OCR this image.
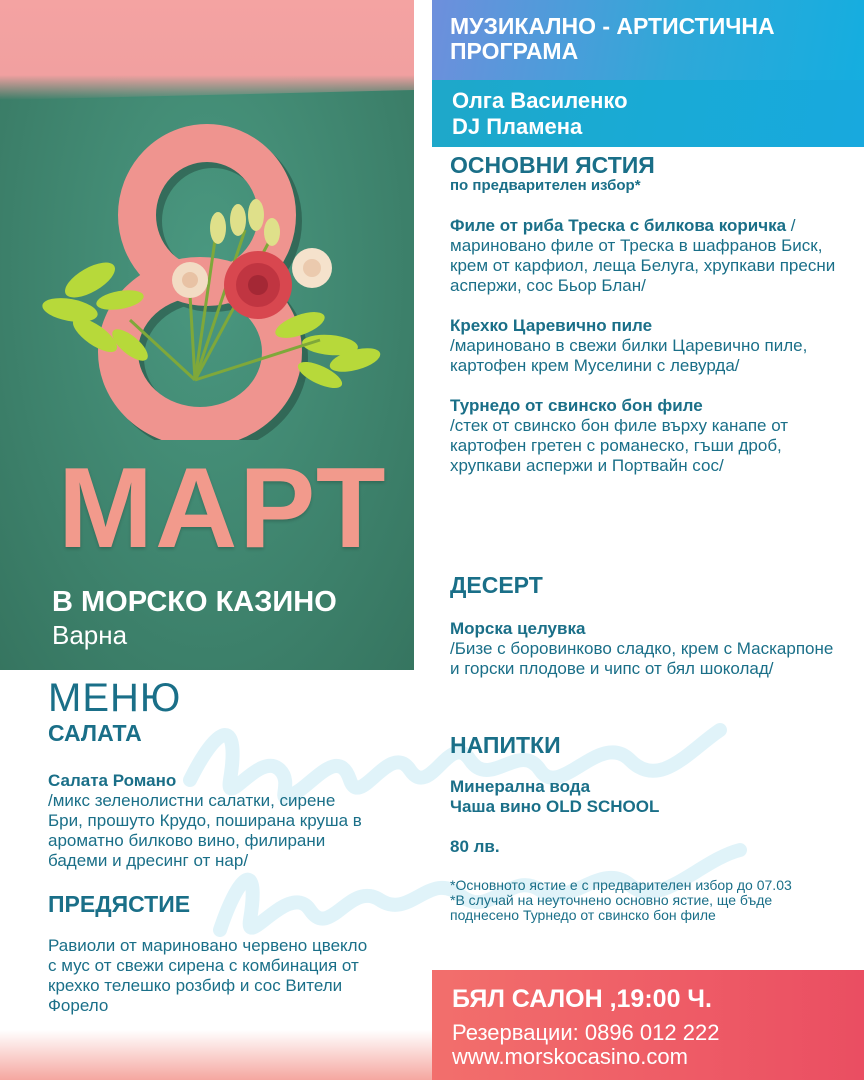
МАРТ
В МОРСКО КАЗИНО
Варна
МЕНЮ
САЛАТА
Салата Романо
/микс зеленолистни салатки, сирене Бри, прошуто Крудо, поширана круша в ароматно билково вино, филирани бадеми и дресинг от нар/
ПРЕДЯСТИЕ
Равиоли от мариновано червено цвекло с мус от свежи сирена с комбинация от крехко телешко розбиф и сос Вители Форело
МУЗИКАЛНО - АРТИСТИЧНА ПРОГРАМА
Олга Василенко
DJ Пламена
ОСНОВНИ ЯСТИЯ
по предварителен избор*
Филе от риба Треска с билкова коричка /мариновано филе от Треска в шафранов Биск, крем от карфиол, леща Белуга, хрупкави пресни аспержи, сос Бьор Блан/
Крехко Царевично пиле
/мариновано в свежи билки Царевично пиле, картофен крем Муселини с левурда/
Турнедо от свинско бон филе
/стек от свинско бон филе върху канапе от картофен гретен с романеско, гъши дроб, хрупкави аспержи и Портвайн сос/
ДЕСЕРТ
Морска целувка
/Бизе с боровинково сладко, крем с Маскарпоне и горски плодове и чипс от бял шоколад/
НАПИТКИ
Минерална вода
Чаша вино OLD SCHOOL
80 лв.
*Основното ястие е с предварителен избор до 07.03
*В случай на неуточнено основно ястие, ще бъде поднесено Турнедо от свинско бон филе
БЯЛ САЛОН ,19:00 Ч.
Резервации: 0896 012 222
www.morskocasino.com
